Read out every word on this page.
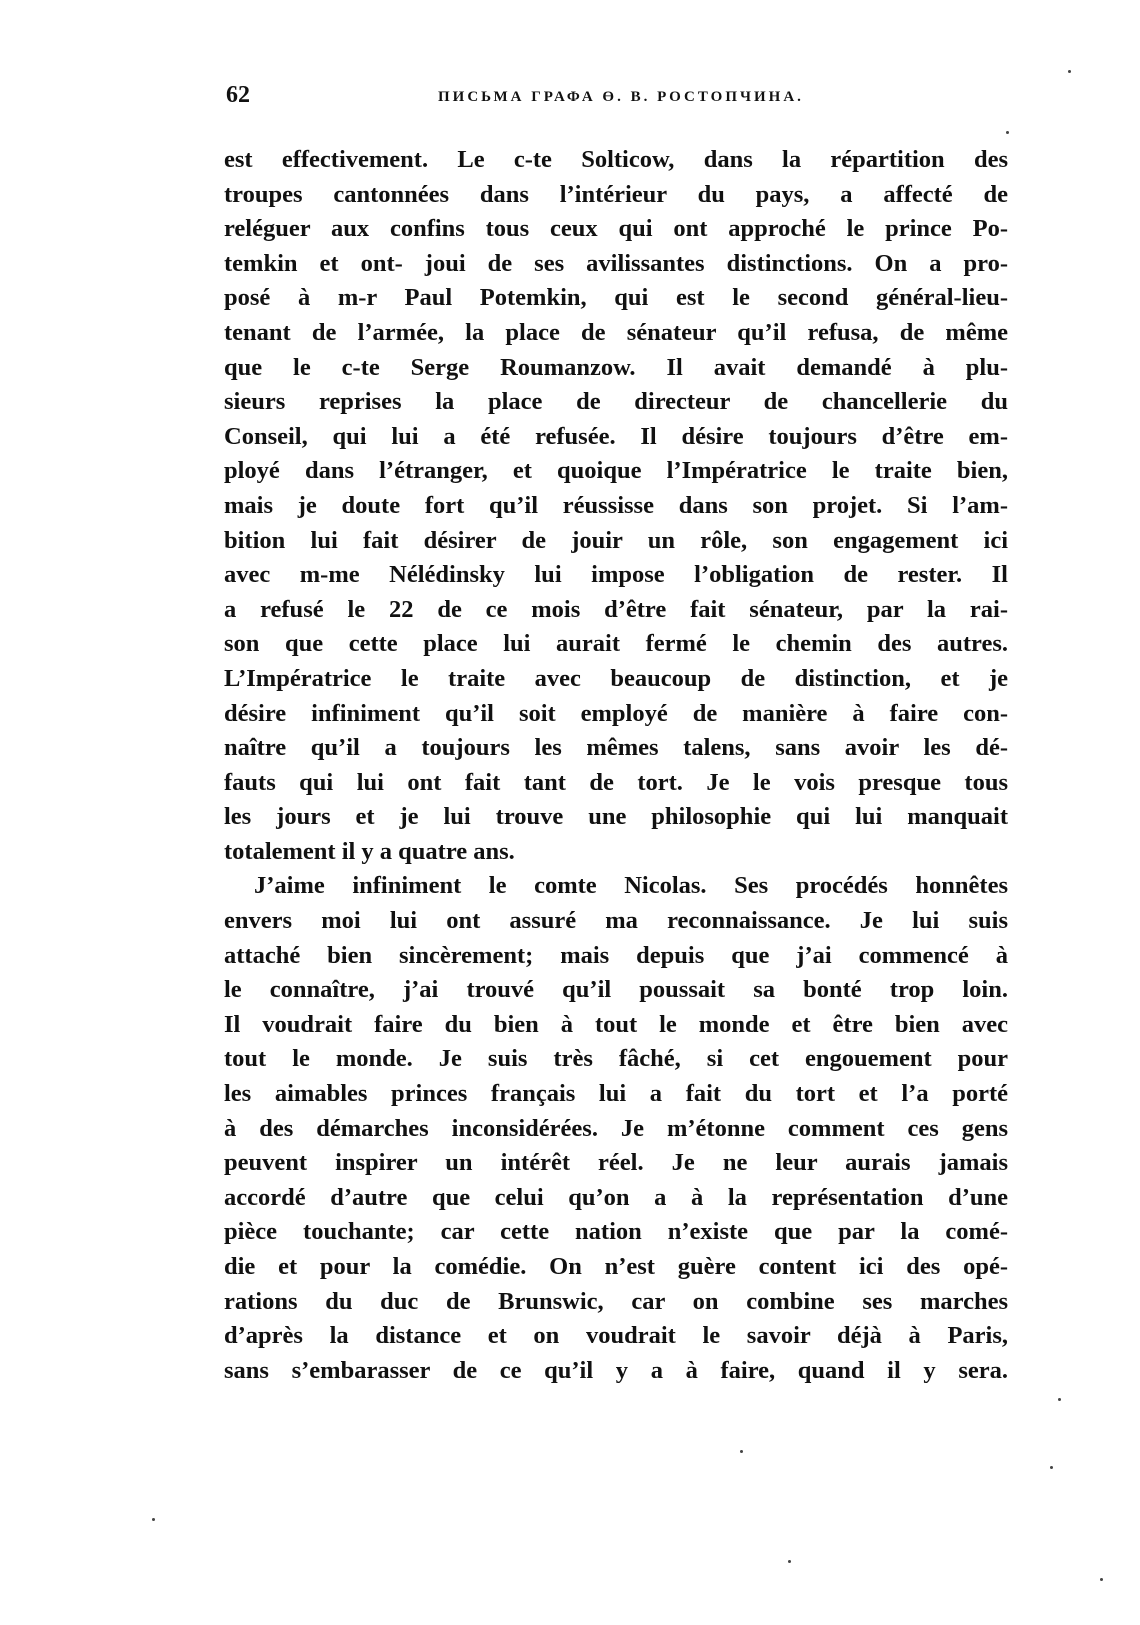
62	ПИСЬМА ГРАФА Ө. В. РОСТОПЧИНА.
est effectivement. Le c-te Solticow, dans la répartition des
troupes cantonnées dans l’intérieur du pays, a affecté de
reléguer aux confins tous ceux qui ont approché le prince Po-
temkin et ont- joui de ses avilissantes distinctions. On a pro-
posé à m-r Paul Potemkin, qui est le second général-lieu-
tenant de l’armée, la place de sénateur qu’il refusa, de même
que le c-te Serge Roumanzow. Il avait demandé à plu-
sieurs reprises la place de directeur de chancellerie du
Conseil, qui lui a été refusée. Il désire toujours d’être em-
ployé dans l’étranger, et quoique l’Impératrice le traite bien,
mais je doute fort qu’il réussisse dans son projet. Si l’am-
bition lui fait désirer de jouir un rôle, son engagement ici
avec m-me Nélédinsky lui impose l’obligation de rester. Il
a refusé le 22 de ce mois d’être fait sénateur, par la rai-
son que cette place lui aurait fermé le chemin des autres.
L’Impératrice le traite avec beaucoup de distinction, et je
désire infiniment qu’il soit employé de manière à faire con-
naître qu’il a toujours les mêmes talens, sans avoir les dé-
fauts qui lui ont fait tant de tort. Je le vois presque tous
les jours et je lui trouve une philosophie qui lui manquait
totalement il y a quatre ans.
J’aime infiniment le comte Nicolas. Ses procédés honnêtes
envers moi lui ont assuré ma reconnaissance. Je lui suis
attaché bien sincèrement; mais depuis que j’ai commencé à
le connaître, j’ai trouvé qu’il poussait sa bonté trop loin.
Il voudrait faire du bien à tout le monde et être bien avec
tout le monde. Je suis très fâché, si cet engouement pour
les aimables princes français lui a fait du tort et l’a porté
à des démarches inconsidérées. Je m’étonne comment ces gens
peuvent inspirer un intérêt réel. Je ne leur aurais jamais
accordé d’autre que celui qu’on a à la représentation d’une
pièce touchante; car cette nation n’existe que par la comé-
die et pour la comédie. On n’est guère content ici des opé-
rations du duc de Brunswic, car on combine ses marches
d’après la distance et on voudrait le savoir déjà à Paris,
sans s’embarasser de ce qu’il y a à faire, quand il y sera.
